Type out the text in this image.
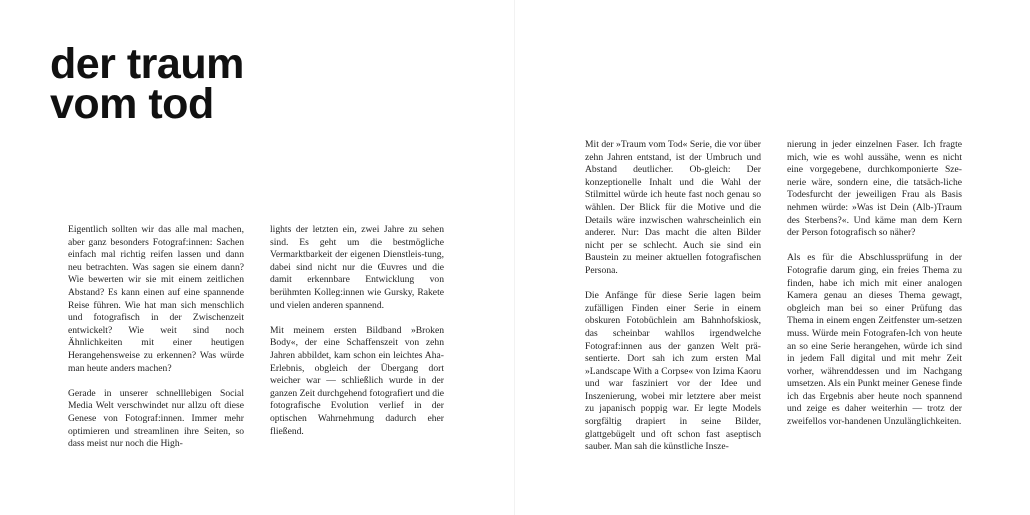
der traum
vom tod

Eigentlich sollten wir das alle mal machen, aber ganz besonders Fotograf:innen: Sachen einfach mal richtig reifen lassen und dann neu betrachten. Was sagen sie einem dann? Wie bewerten wir sie mit einem zeitlichen Abstand? Es kann einen auf eine spannende Reise führen. Wie hat man sich menschlich und fotografisch in der Zwischenzeit entwickelt? Wie weit sind noch Ähnlichkeiten mit einer heutigen Herangehensweise zu erkennen? Was würde man heute anders machen?

Gerade in unserer schnelllebigen Social Media Welt verschwindet nur allzu oft diese Genese von Fotograf:innen. Immer mehr optimieren und streamlinen ihre Seiten, so dass meist nur noch die High-

lights der letzten ein, zwei Jahre zu sehen sind. Es geht um die bestmögliche Vermarktbarkeit der eigenen Dienstleis-tung, dabei sind nicht nur die Œuvres und die damit erkennbare Entwicklung von berühmten Kolleg:innen wie Gursky, Rakete und vielen anderen spannend.

Mit meinem ersten Bildband »Broken Body«, der eine Schaffenszeit von zehn Jahren abbildet, kam schon ein leichtes Aha-Erlebnis, obgleich der Übergang dort weicher war — schließlich wurde in der ganzen Zeit durchgehend fotografiert und die fotografische Evolution verlief in der optischen Wahrnehmung dadurch eher fließend.

Mit der »Traum vom Tod« Serie, die vor über zehn Jahren entstand, ist der Umbruch und Abstand deutlicher. Ob-gleich: Der konzeptionelle Inhalt und die Wahl der Stilmittel würde ich heute fast noch genau so wählen. Der Blick für die Motive und die Details wäre inzwischen wahrscheinlich ein anderer. Nur: Das macht die alten Bilder nicht per se schlecht. Auch sie sind ein Baustein zu meiner aktuellen fotografischen Persona.

Die Anfänge für diese Serie lagen beim zufälligen Finden einer Serie in einem obskuren Fotobüchlein am Bahnhofskiosk, das scheinbar wahllos irgendwelche Fotograf:innen aus der ganzen Welt prä-sentierte. Dort sah ich zum ersten Mal »Landscape With a Corpse« von Izima Kaoru und war fasziniert vor der Idee und Inszenierung, wobei mir letztere aber meist zu japanisch poppig war. Er legte Models sorgfältig drapiert in seine Bilder, glattgebügelt und oft schon fast aseptisch sauber. Man sah die künstliche Insze-

nierung in jeder einzelnen Faser. Ich fragte mich, wie es wohl aussähe, wenn es nicht eine vorgegebene, durchkomponierte Sze-nerie wäre, sondern eine, die tatsäch-liche Todesfurcht der jeweiligen Frau als Basis nehmen würde: »Was ist Dein (Alb-)Traum des Sterbens?«. Und käme man dem Kern der Person fotografisch so näher?

Als es für die Abschlussprüfung in der Fotografie darum ging, ein freies Thema zu finden, habe ich mich mit einer analogen Kamera genau an dieses Thema gewagt, obgleich man bei so einer Prüfung das Thema in einem engen Zeitfenster um-setzen muss. Würde mein Fotografen-Ich von heute an so eine Serie herangehen, würde ich sind in jedem Fall digital und mit mehr Zeit vorher, währenddessen und im Nachgang umsetzen. Als ein Punkt meiner Genese finde ich das Ergebnis aber heute noch spannend und zeige es daher weiterhin — trotz der zweifellos vor-handenen Unzulänglichkeiten.
